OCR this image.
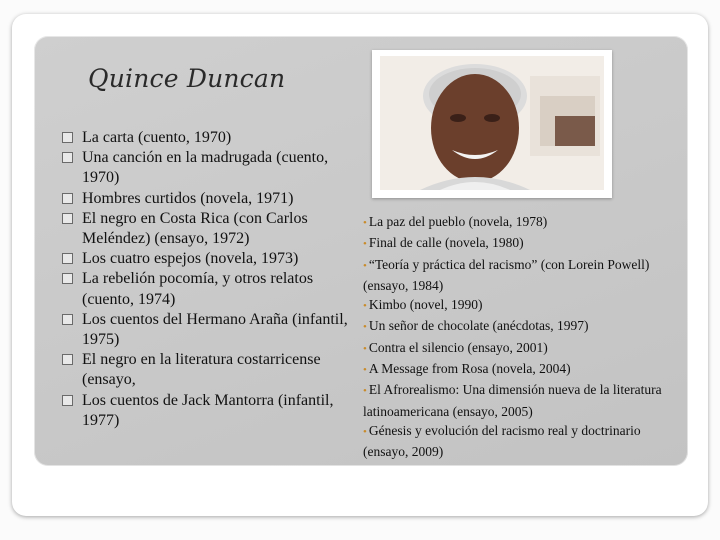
Quince Duncan
La carta (cuento, 1970)
Una canción en la madrugada (cuento, 1970)
Hombres curtidos (novela, 1971)
El negro en Costa Rica (con Carlos Meléndez) (ensayo, 1972)
Los cuatro espejos (novela, 1973)
La rebelión pocomía, y otros relatos (cuento, 1974)
Los cuentos del Hermano Araña (infantil, 1975)
El negro en la literatura costarricense (ensayo,
Los cuentos de Jack Mantorra (infantil, 1977)
• La paz del pueblo (novela, 1978)
• Final de calle (novela, 1980)
• “Teoría y práctica del racismo” (con Lorein Powell) (ensayo, 1984)
• Kimbo (novel, 1990)
• Un señor de chocolate (anécdotas, 1997)
• Contra el silencio (ensayo, 2001)
• A Message from Rosa (novela, 2004)
• El Afrorealismo: Una dimensión nueva de la literatura latinoamericana (ensayo, 2005)
• Génesis y evolución del racismo real y doctrinario (ensayo, 2009)
